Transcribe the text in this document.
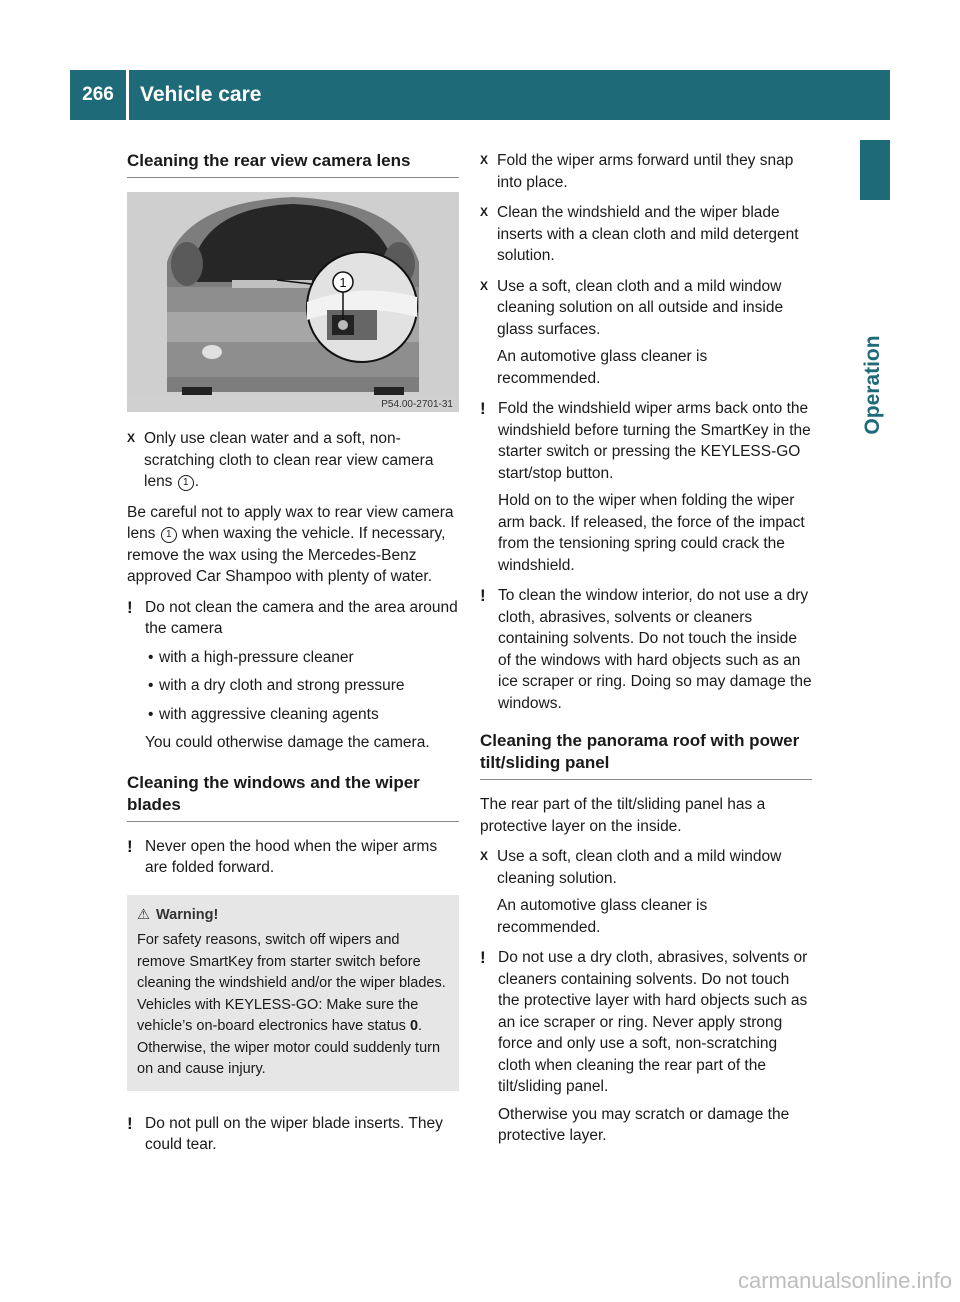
266	Vehicle care
Operation
Cleaning the rear view camera lens
1
P54.00-2701-31
X Only use clean water and a soft, non-scratching cloth to clean rear view camera lens 1 .

Be careful not to apply wax to rear view camera lens 1 when waxing the vehicle. If necessary, remove the wax using the Mercedes-Benz approved Car Shampoo with plenty of water.

! Do not clean the camera and the area around the camera
• with a high-pressure cleaner
• with a dry cloth and strong pressure
• with aggressive cleaning agents
You could otherwise damage the camera.
Cleaning the windows and the wiper blades
! Never open the hood when the wiper arms are folded forward.
⚠ Warning!
For safety reasons, switch off wipers and remove SmartKey from starter switch before cleaning the windshield and/or the wiper blades. Vehicles with KEYLESS-GO: Make sure the vehicle’s on-board electronics have status 0. Otherwise, the wiper motor could suddenly turn on and cause injury.
! Do not pull on the wiper blade inserts. They could tear.
X Fold the wiper arms forward until they snap into place.
X Clean the windshield and the wiper blade inserts with a clean cloth and mild detergent solution.
X Use a soft, clean cloth and a mild window cleaning solution on all outside and inside glass surfaces.
An automotive glass cleaner is recommended.
! Fold the windshield wiper arms back onto the windshield before turning the SmartKey in the starter switch or pressing the KEYLESS-GO start/stop button.
Hold on to the wiper when folding the wiper arm back. If released, the force of the impact from the tensioning spring could crack the windshield.
! To clean the window interior, do not use a dry cloth, abrasives, solvents or cleaners containing solvents. Do not touch the inside of the windows with hard objects such as an ice scraper or ring. Doing so may damage the windows.
Cleaning the panorama roof with power tilt/sliding panel

The rear part of the tilt/sliding panel has a protective layer on the inside.

X Use a soft, clean cloth and a mild window cleaning solution.
An automotive glass cleaner is recommended.
! Do not use a dry cloth, abrasives, solvents or cleaners containing solvents. Do not touch the protective layer with hard objects such as an ice scraper or ring. Never apply strong force and only use a soft, non-scratching cloth when cleaning the rear part of the tilt/sliding panel.
Otherwise you may scratch or damage the protective layer.
carmanualsonline.info
